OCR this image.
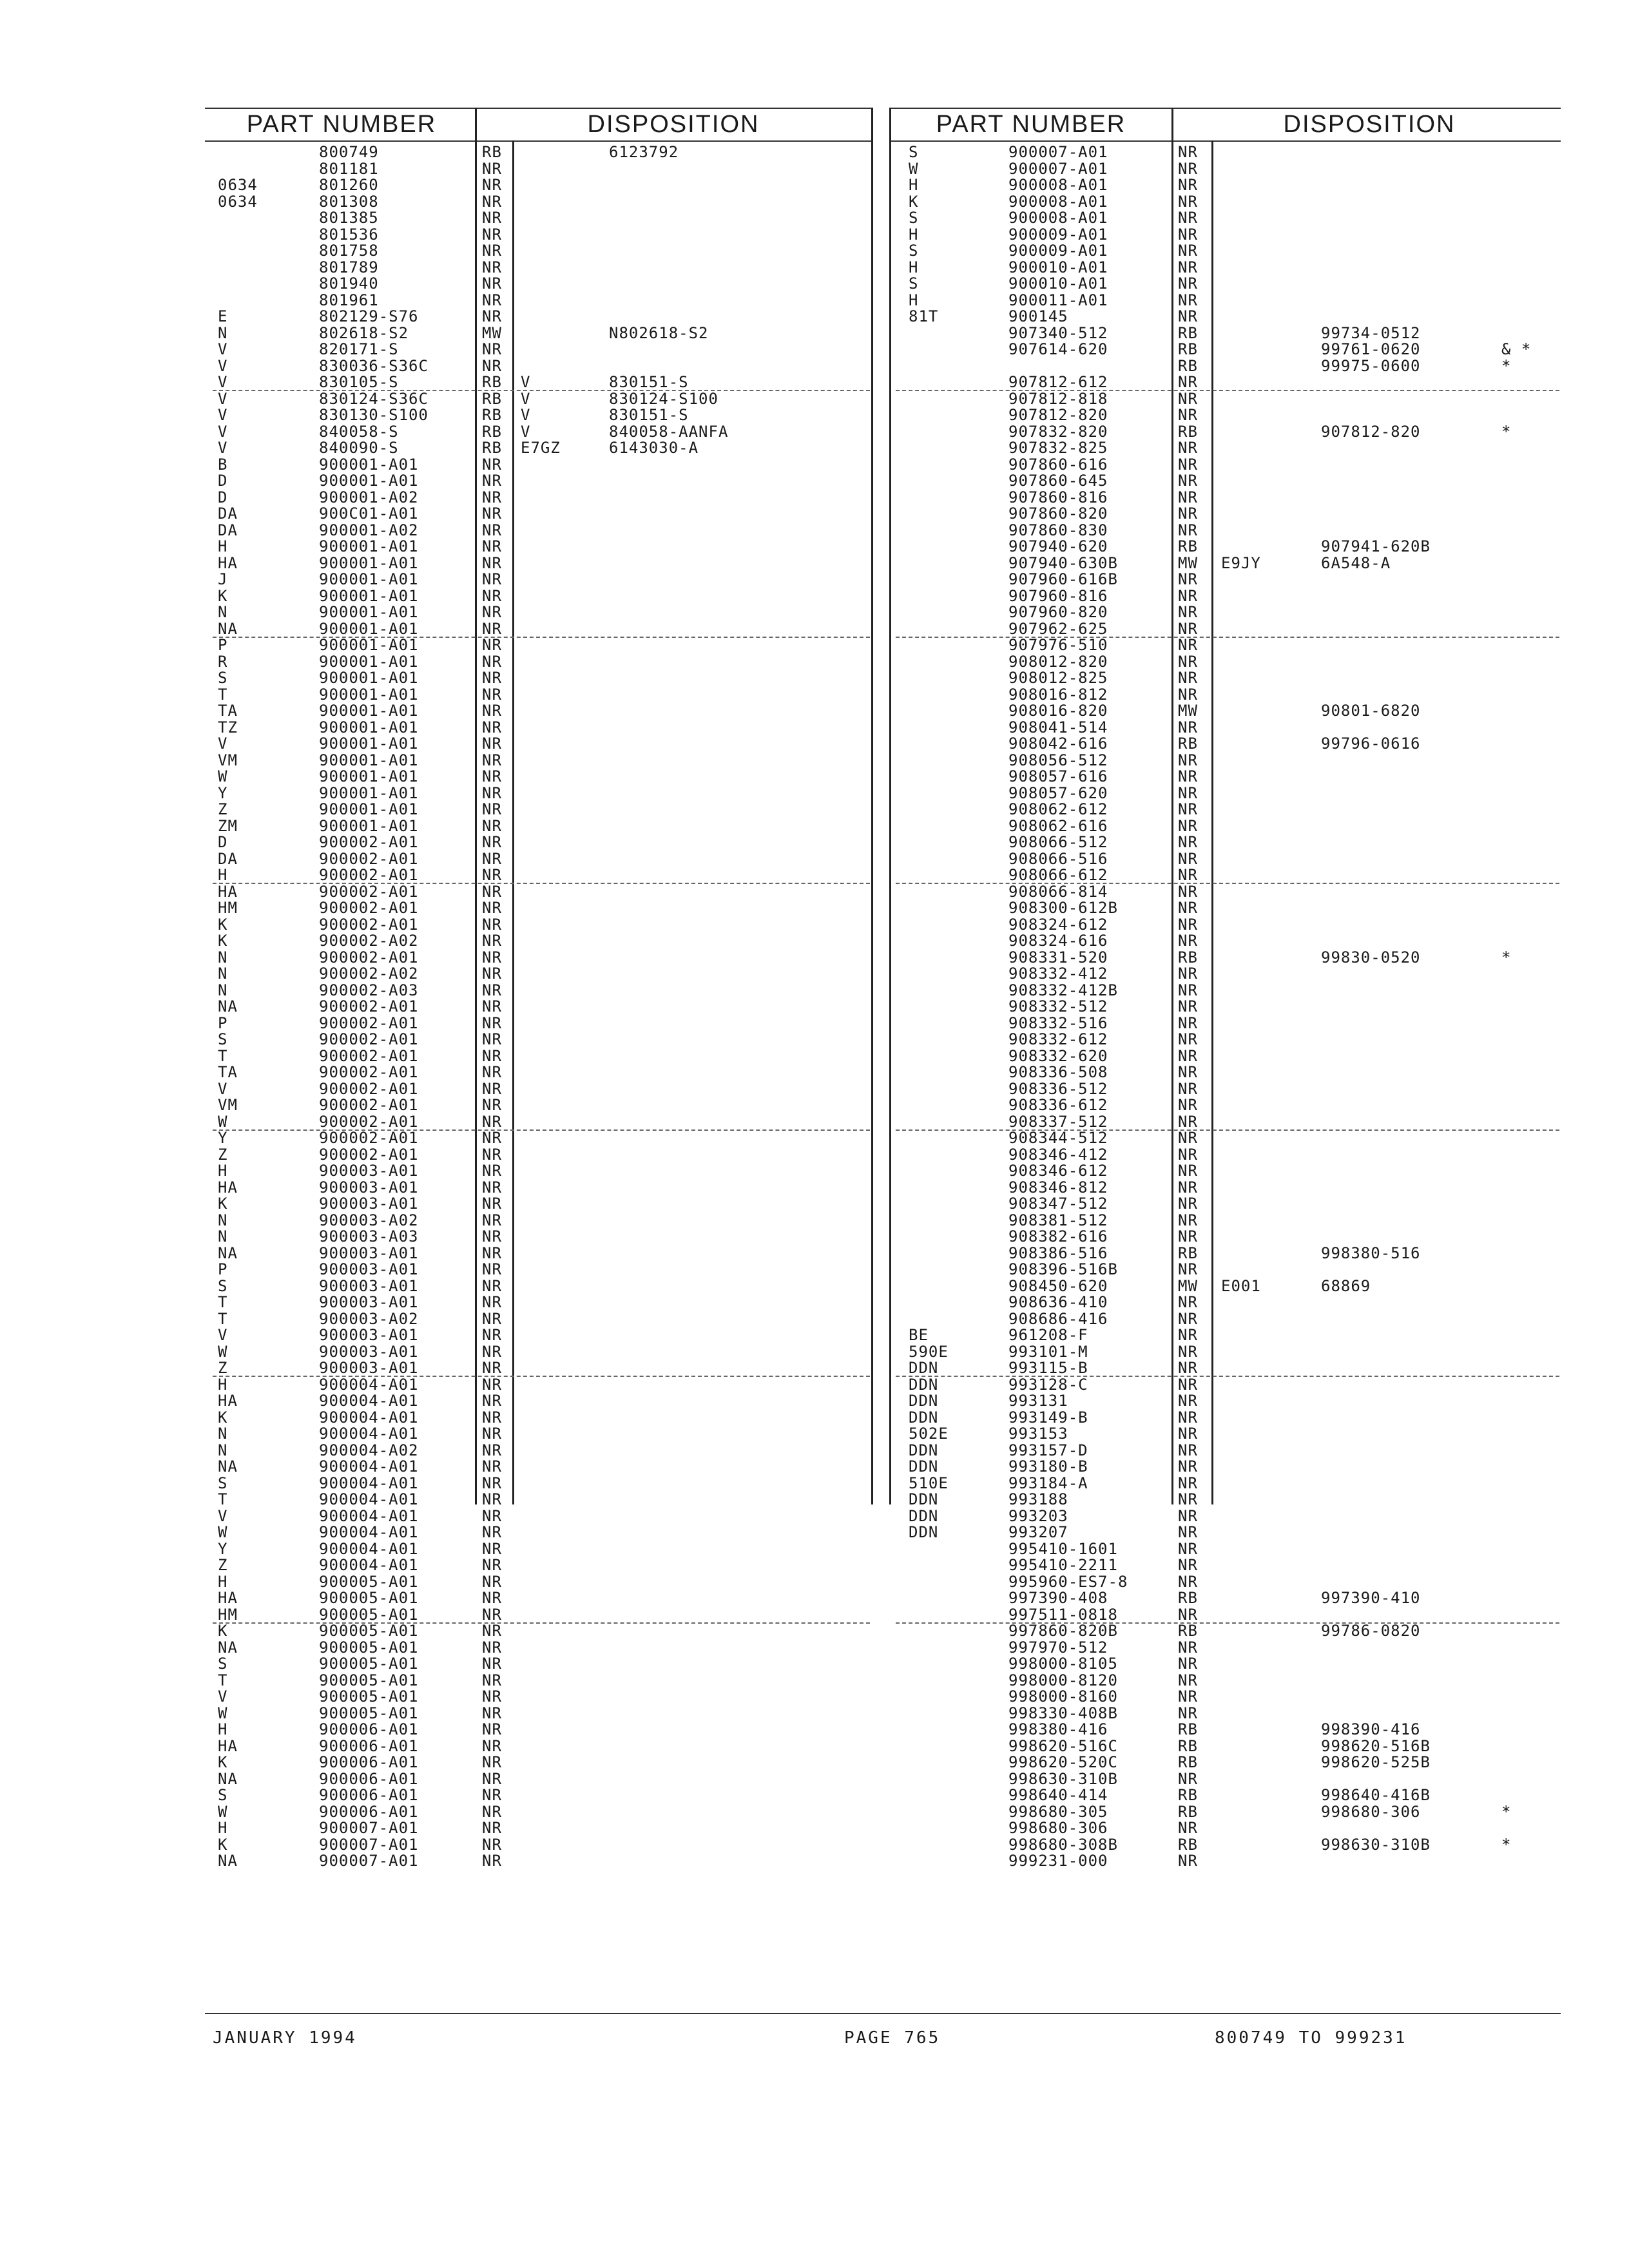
PART NUMBER	DISPOSITION	PART NUMBER	DISPOSITION
800749	RB	6123792
801181	NR
0634	801260	NR
0634	801308	NR
801385	NR
801536	NR
801758	NR
801789	NR
801940	NR
801961	NR
E	802129-S76	NR
N	802618-S2	MW	N802618-S2
V	820171-S	NR
V	830036-S36C	NR
V	830105-S	RB V	830151-S
V	830124-S36C	RB V	830124-S100
V	830130-S100	RB V	830151-S
V	840058-S	RB V	840058-AANFA
V	840090-S	RB E7GZ	6143030-A
B	900001-A01	NR
D	900001-A01	NR
D	900001-A02	NR
DA	900C01-A01	NR
DA	900001-A02	NR
H	900001-A01	NR
HA	900001-A01	NR
J	900001-A01	NR
K	900001-A01	NR
N	900001-A01	NR
NA	900001-A01	NR
P	900001-A01	NR
R	900001-A01	NR
S	900001-A01	NR
T	900001-A01	NR
TA	900001-A01	NR
TZ	900001-A01	NR
V	900001-A01	NR
VM	900001-A01	NR
W	900001-A01	NR
Y	900001-A01	NR
Z	900001-A01	NR
ZM	900001-A01	NR
D	900002-A01	NR
DA	900002-A01	NR
H	900002-A01	NR
HA	900002-A01	NR
HM	900002-A01	NR
K	900002-A01	NR
K	900002-A02	NR
N	900002-A01	NR
N	900002-A02	NR
N	900002-A03	NR
NA	900002-A01	NR
P	900002-A01	NR
S	900002-A01	NR
T	900002-A01	NR
TA	900002-A01	NR
V	900002-A01	NR
VM	900002-A01	NR
W	900002-A01	NR
Y	900002-A01	NR
Z	900002-A01	NR
H	900003-A01	NR
HA	900003-A01	NR
K	900003-A01	NR
N	900003-A02	NR
N	900003-A03	NR
NA	900003-A01	NR
P	900003-A01	NR
S	900003-A01	NR
T	900003-A01	NR
T	900003-A02	NR
V	900003-A01	NR
W	900003-A01	NR
Z	900003-A01	NR
H	900004-A01	NR
HA	900004-A01	NR
K	900004-A01	NR
N	900004-A01	NR
N	900004-A02	NR
NA	900004-A01	NR
S	900004-A01	NR
T	900004-A01	NR
V	900004-A01	NR
W	900004-A01	NR
Y	900004-A01	NR
Z	900004-A01	NR
H	900005-A01	NR
HA	900005-A01	NR
HM	900005-A01	NR
K	900005-A01	NR
NA	900005-A01	NR
S	900005-A01	NR
T	900005-A01	NR
V	900005-A01	NR
W	900005-A01	NR
H	900006-A01	NR
HA	900006-A01	NR
K	900006-A01	NR
NA	900006-A01	NR
S	900006-A01	NR
W	900006-A01	NR
H	900007-A01	NR
K	900007-A01	NR
NA	900007-A01	NR
S	900007-A01	NR
W	900007-A01	NR
H	900008-A01	NR
K	900008-A01	NR
S	900008-A01	NR
H	900009-A01	NR
S	900009-A01	NR
H	900010-A01	NR
S	900010-A01	NR
H	900011-A01	NR
81T	900145	NR
907340-512	RB	99734-0512
907614-620	RB	99761-0620	& *
RB	99975-0600	*
907812-612	NR
907812-818	NR
907812-820	NR
907832-820	RB	907812-820	*
907832-825	NR
907860-616	NR
907860-645	NR
907860-816	NR
907860-820	NR
907860-830	NR
907940-620	RB	907941-620B
907940-630B	MW E9JY	6A548-A
907960-616B	NR
907960-816	NR
907960-820	NR
907962-625	NR
907976-510	NR
908012-820	NR
908012-825	NR
908016-812	NR
908016-820	MW	90801-6820
908041-514	NR
908042-616	RB	99796-0616
908056-512	NR
908057-616	NR
908057-620	NR
908062-612	NR
908062-616	NR
908066-512	NR
908066-516	NR
908066-612	NR
908066-814	NR
908300-612B	NR
908324-612	NR
908324-616	NR
908331-520	RB	99830-0520	*
908332-412	NR
908332-412B	NR
908332-512	NR
908332-516	NR
908332-612	NR
908332-620	NR
908336-508	NR
908336-512	NR
908336-612	NR
908337-512	NR
908344-512	NR
908346-412	NR
908346-612	NR
908346-812	NR
908347-512	NR
908381-512	NR
908382-616	NR
908386-516	RB	998380-516
908396-516B	NR
908450-620	MW E001	68869
908636-410	NR
908686-416	NR
BE	961208-F	NR
590E	993101-M	NR
DDN	993115-B	NR
DDN	993128-C	NR
DDN	993131	NR
DDN	993149-B	NR
502E	993153	NR
DDN	993157-D	NR
DDN	993180-B	NR
510E	993184-A	NR
DDN	993188	NR
DDN	993203	NR
DDN	993207	NR
995410-1601	NR
995410-2211	NR
995960-ES7-8	NR
997390-408	RB	997390-410
997511-0818	NR
997860-820B	RB	99786-0820
997970-512	NR
998000-8105	NR
998000-8120	NR
998000-8160	NR
998330-408B	NR
998380-416	RB	998390-416
998620-516C	RB	998620-516B
998620-520C	RB	998620-525B
998630-310B	NR
998640-414	RB	998640-416B
998680-305	RB	998680-306	*
998680-306	NR
998680-308B	RB	998630-310B	*
999231-000	NR
JANUARY 1994	PAGE 765	800749 TO 999231
